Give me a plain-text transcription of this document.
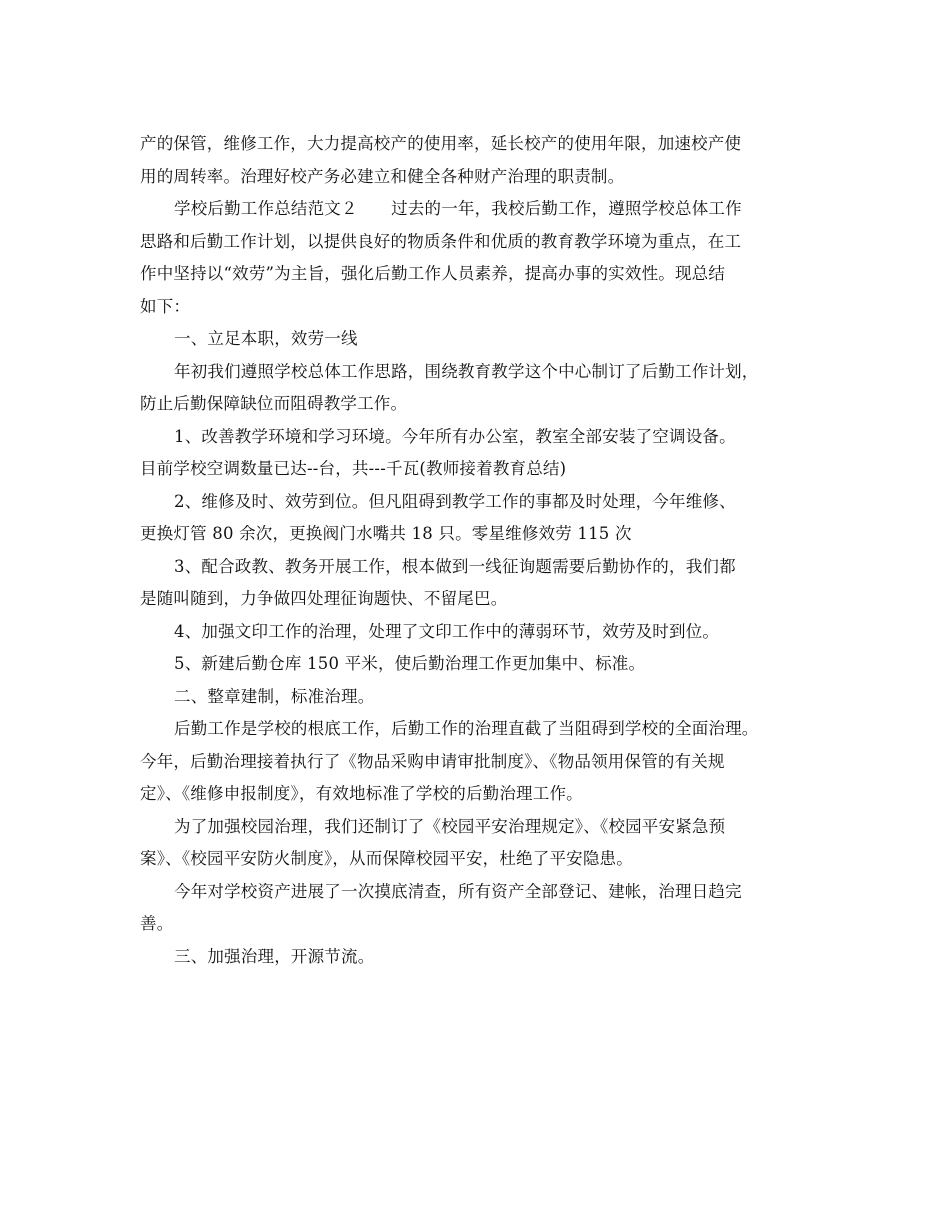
产的保管，维修工作，大力提高校产的使用率，延长校产的使用年限，加速校产使
用的周转率。治理好校产务必建立和健全各种财产治理的职责制。
学校后勤工作总结范文２　　过去的一年，我校后勤工作，遵照学校总体工作
思路和后勤工作计划，以提供良好的物质条件和优质的教育教学环境为重点，在工
作中坚持以“效劳”为主旨，强化后勤工作人员素养，提高办事的实效性。现总结
如下：
一、立足本职，效劳一线
年初我们遵照学校总体工作思路，围绕教育教学这个中心制订了后勤工作计划，
防止后勤保障缺位而阻碍教学工作。
1、改善教学环境和学习环境。今年所有办公室，教室全部安装了空调设备。
目前学校空调数量已达--台，共---千瓦(教师接着教育总结)
2、维修及时、效劳到位。但凡阻碍到教学工作的事都及时处理，今年维修、
更换灯管 80 余次，更换阀门水嘴共 18 只。零星维修效劳 115 次
3、配合政教、教务开展工作，根本做到一线征询题需要后勤协作的，我们都
是随叫随到，力争做四处理征询题快、不留尾巴。
4、加强文印工作的治理，处理了文印工作中的薄弱环节，效劳及时到位。
5、新建后勤仓库 150 平米，使后勤治理工作更加集中、标准。
二、整章建制，标准治理。
后勤工作是学校的根底工作，后勤工作的治理直截了当阻碍到学校的全面治理。
今年，后勤治理接着执行了《物品采购申请审批制度》、《物品领用保管的有关规
定》、《维修申报制度》，有效地标准了学校的后勤治理工作。
为了加强校园治理，我们还制订了《校园平安治理规定》、《校园平安紧急预
案》、《校园平安防火制度》，从而保障校园平安，杜绝了平安隐患。
今年对学校资产进展了一次摸底清查，所有资产全部登记、建帐，治理日趋完
善。
三、加强治理，开源节流。
